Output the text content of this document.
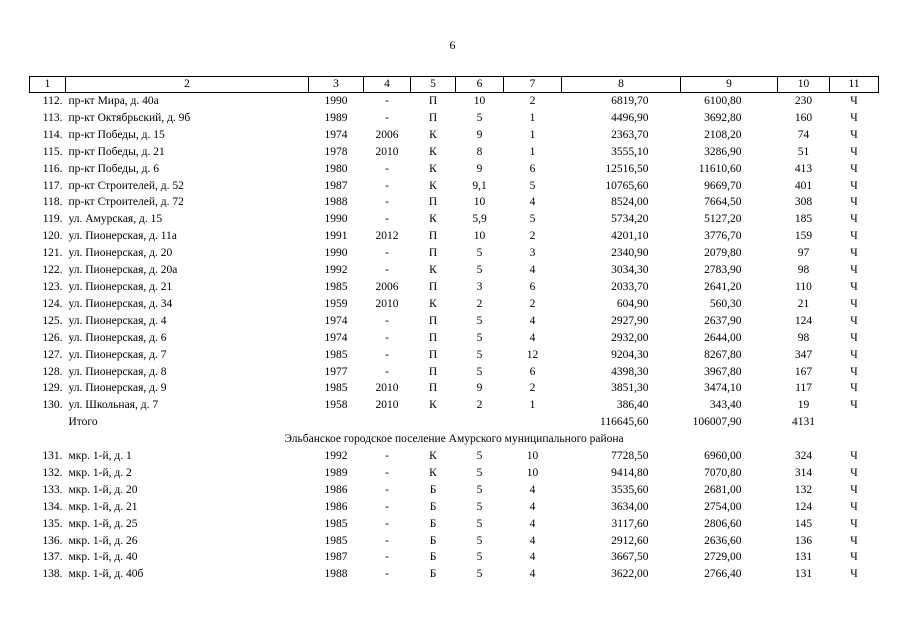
6
1	2	3	4	5	6	7	8	9	10	11
112.	пр-кт Мира, д. 40а	1990	-	П	10	2	6819,70	6100,80	230	Ч
113.	пр-кт Октябрьский, д. 9б	1989	-	П	5	1	4496,90	3692,80	160	Ч
114.	пр-кт Победы, д. 15	1974	2006	К	9	1	2363,70	2108,20	74	Ч
115.	пр-кт Победы, д. 21	1978	2010	К	8	1	3555,10	3286,90	51	Ч
116.	пр-кт Победы, д. 6	1980	-	К	9	6	12516,50	11610,60	413	Ч
117.	пр-кт Строителей, д. 52	1987	-	К	9,1	5	10765,60	9669,70	401	Ч
118.	пр-кт Строителей, д. 72	1988	-	П	10	4	8524,00	7664,50	308	Ч
119.	ул. Амурская, д. 15	1990	-	К	5,9	5	5734,20	5127,20	185	Ч
120.	ул. Пионерская, д. 11а	1991	2012	П	10	2	4201,10	3776,70	159	Ч
121.	ул. Пионерская, д. 20	1990	-	П	5	3	2340,90	2079,80	97	Ч
122.	ул. Пионерская, д. 20а	1992	-	К	5	4	3034,30	2783,90	98	Ч
123.	ул. Пионерская, д. 21	1985	2006	П	3	6	2033,70	2641,20	110	Ч
124.	ул. Пионерская, д. 34	1959	2010	К	2	2	604,90	560,30	21	Ч
125.	ул. Пионерская, д. 4	1974	-	П	5	4	2927,90	2637,90	124	Ч
126.	ул. Пионерская, д. 6	1974	-	П	5	4	2932,00	2644,00	98	Ч
127.	ул. Пионерская, д. 7	1985	-	П	5	12	9204,30	8267,80	347	Ч
128.	ул. Пионерская, д. 8	1977	-	П	5	6	4398,30	3967,80	167	Ч
129.	ул. Пионерская, д. 9	1985	2010	П	9	2	3851,30	3474,10	117	Ч
130.	ул. Школьная, д. 7	1958	2010	К	2	1	386,40	343,40	19	Ч
	Итого						116645,60	106007,90	4131	
Эльбанское городское поселение Амурского муниципального района										
131.	мкр. 1-й, д. 1	1992	-	К	5	10	7728,50	6960,00	324	Ч
132.	мкр. 1-й, д. 2	1989	-	К	5	10	9414,80	7070,80	314	Ч
133.	мкр. 1-й, д. 20	1986	-	Б	5	4	3535,60	2681,00	132	Ч
134.	мкр. 1-й, д. 21	1986	-	Б	5	4	3634,00	2754,00	124	Ч
135.	мкр. 1-й, д. 25	1985	-	Б	5	4	3117,60	2806,60	145	Ч
136.	мкр. 1-й, д. 26	1985	-	Б	5	4	2912,60	2636,60	136	Ч
137.	мкр. 1-й, д. 40	1987	-	Б	5	4	3667,50	2729,00	131	Ч
138.	мкр. 1-й, д. 40б	1988	-	Б	5	4	3622,00	2766,40	131	Ч
